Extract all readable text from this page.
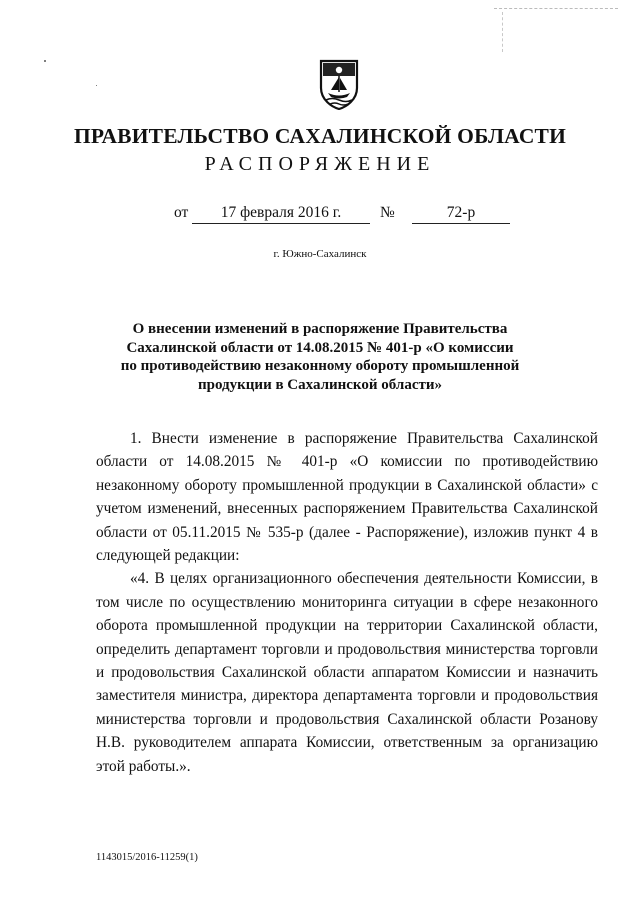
ПРАВИТЕЛЬСТВО САХАЛИНСКОЙ ОБЛАСТИ
РАСПОРЯЖЕНИЕ
от	17 февраля 2016 г.	№	72-р
г. Южно-Сахалинск
О внесении изменений в распоряжение Правительства Сахалинской области от 14.08.2015 № 401-р «О комиссии по противодействию незаконному обороту промышленной продукции в Сахалинской области»

1. Внести изменение в распоряжение Правительства Сахалинской области от 14.08.2015 № 401-р «О комиссии по противодействию незаконному обороту промышленной продукции в Сахалинской области» с учетом изменений, внесенных распоряжением Правительства Сахалинской области от 05.11.2015 № 535-р (далее - Распоряжение), изложив пункт 4 в следующей редакции:

«4. В целях организационного обеспечения деятельности Комиссии, в том числе по осуществлению мониторинга ситуации в сфере незаконного оборота промышленной продукции на территории Сахалинской области, определить департамент торговли и продовольствия министерства торговли и продовольствия Сахалинской области аппаратом Комиссии и назначить заместителя министра, директора департамента торговли и продовольствия министерства торговли и продовольствия Сахалинской области Розанову Н.В. руководителем аппарата Комиссии, ответственным за организацию этой работы.».

1143015/2016-11259(1)
